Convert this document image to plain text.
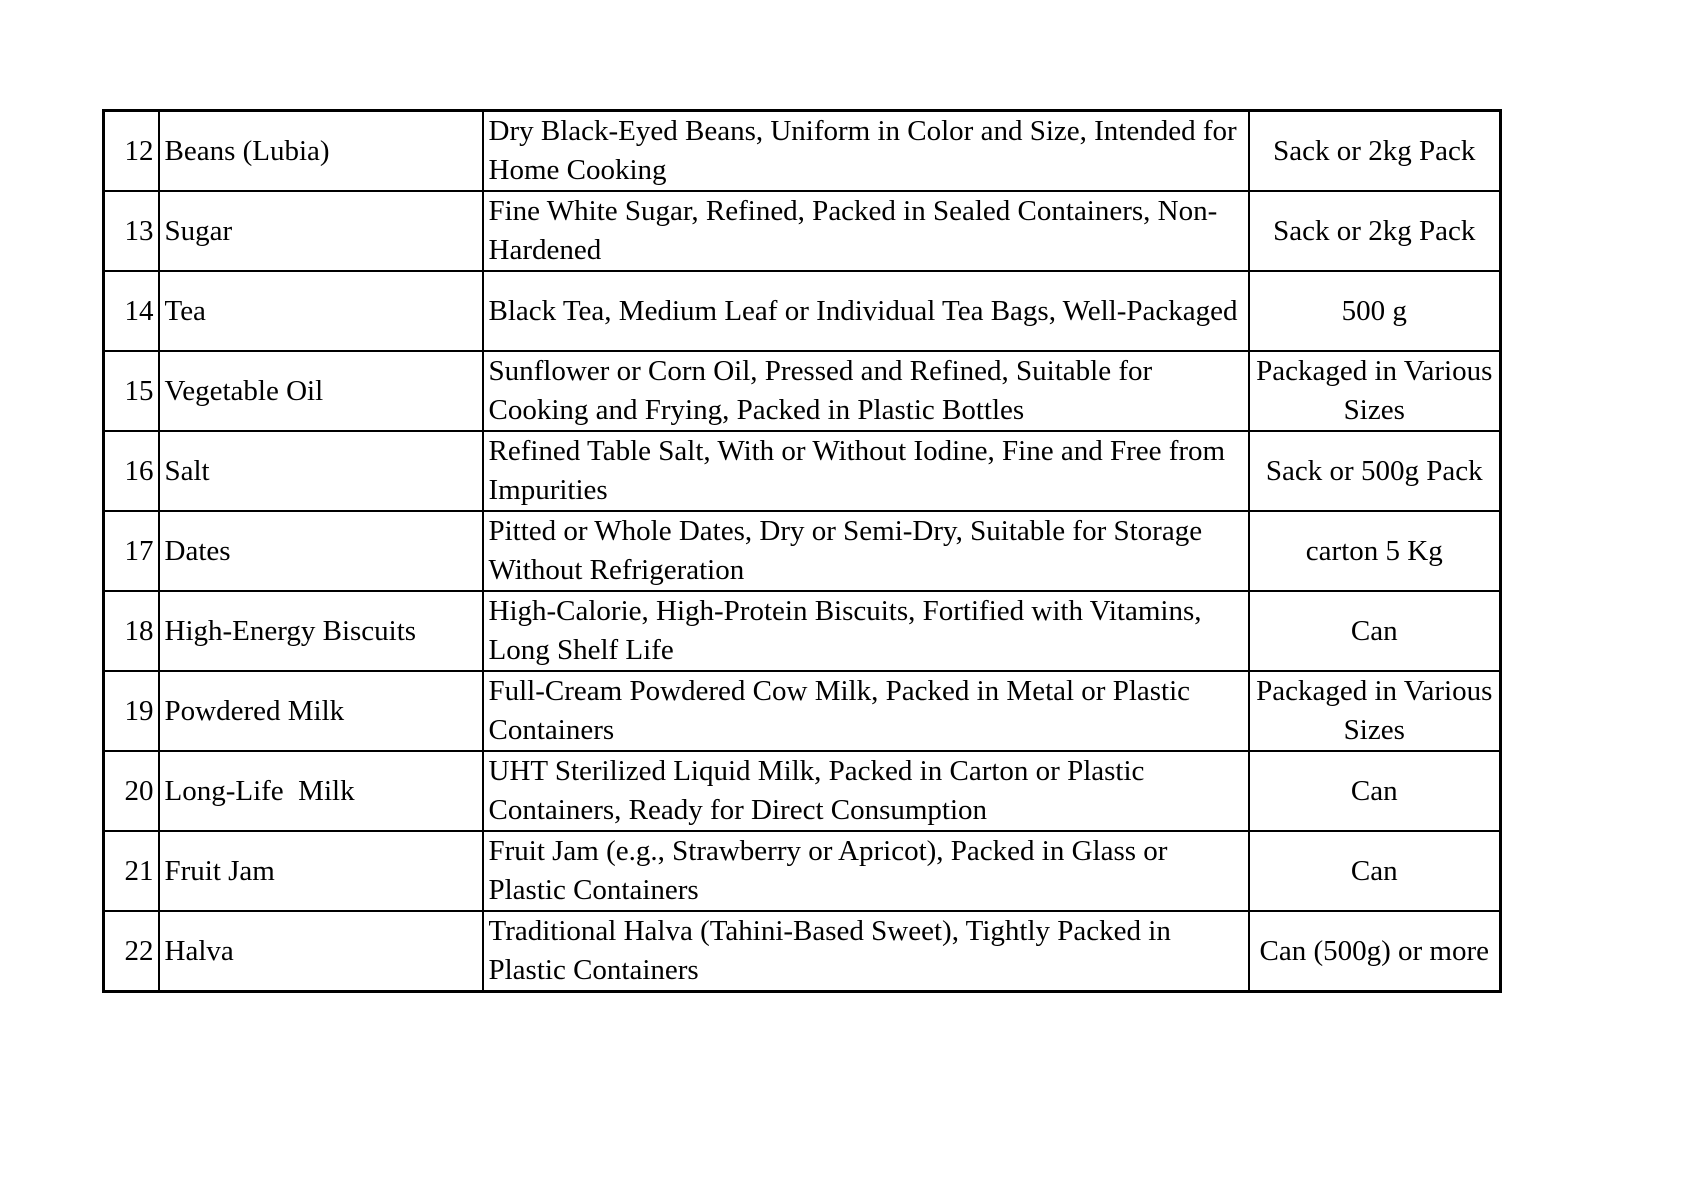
12	Beans (Lubia)	Dry Black-Eyed Beans, Uniform in Color and Size, Intended for Home Cooking	Sack or 2kg Pack
13	Sugar	Fine White Sugar, Refined, Packed in Sealed Containers, Non-Hardened	Sack or 2kg Pack
14	Tea	Black Tea, Medium Leaf or Individual Tea Bags, Well-Packaged	500 g
15	Vegetable Oil	Sunflower or Corn Oil, Pressed and Refined, Suitable for Cooking and Frying, Packed in Plastic Bottles	Packaged in Various Sizes
16	Salt	Refined Table Salt, With or Without Iodine, Fine and Free from Impurities	Sack or 500g Pack
17	Dates	Pitted or Whole Dates, Dry or Semi-Dry, Suitable for Storage Without Refrigeration	carton 5 Kg
18	High-Energy Biscuits	High-Calorie, High-Protein Biscuits, Fortified with Vitamins, Long Shelf Life	Can
19	Powdered Milk	Full-Cream Powdered Cow Milk, Packed in Metal or Plastic Containers	Packaged in Various Sizes
20	Long-Life  Milk	UHT Sterilized Liquid Milk, Packed in Carton or Plastic Containers, Ready for Direct Consumption	Can
21	Fruit Jam	Fruit Jam (e.g., Strawberry or Apricot), Packed in Glass or Plastic Containers	Can
22	Halva	Traditional Halva (Tahini-Based Sweet), Tightly Packed in Plastic Containers	Can (500g) or more
